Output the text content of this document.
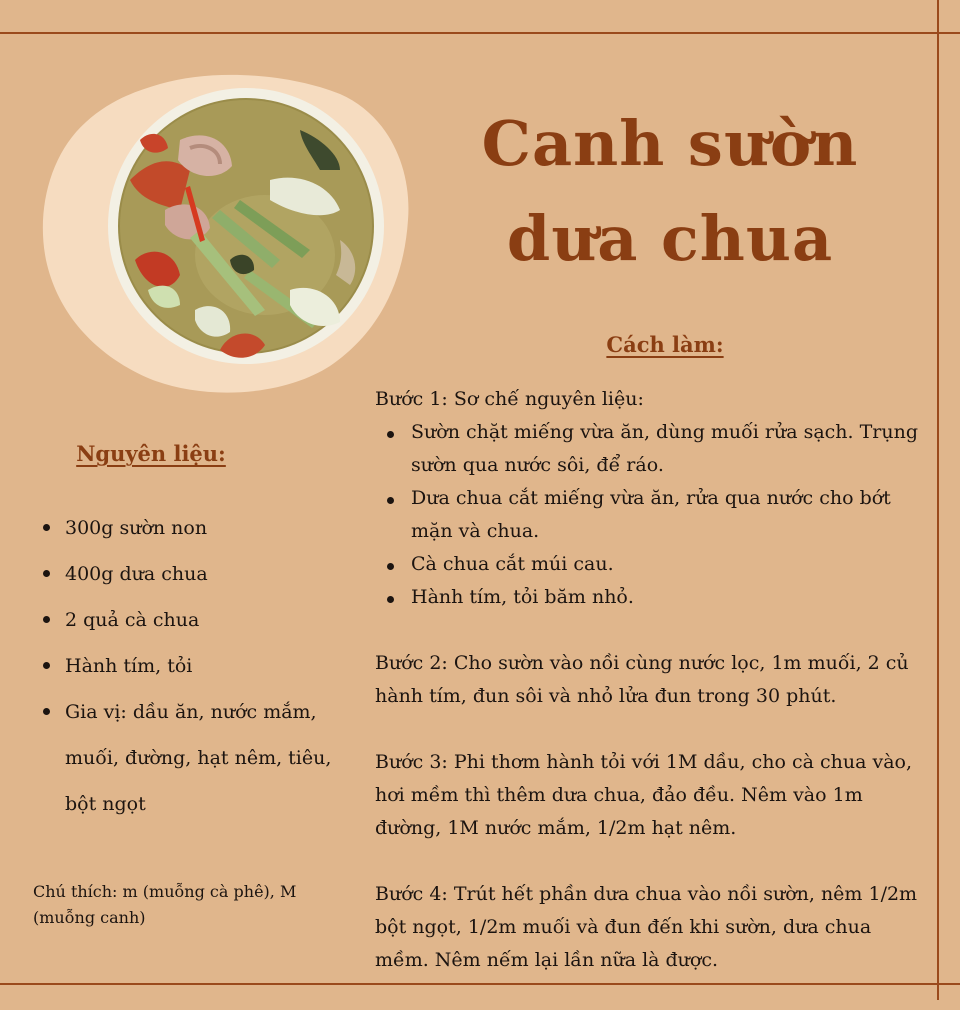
Canh sườn
dưa chua
Cách làm:
Nguyên liệu:
300g sườn non
400g dưa chua
2 quả cà chua
Hành tím, tỏi
Gia vị: dầu ăn, nước mắm, muối, đường, hạt nêm, tiêu, bột ngọt
Chú thích: m (muỗng cà phê), M (muỗng canh)
Bước 1: Sơ chế nguyên liệu:
Sườn chặt miếng vừa ăn, dùng muối rửa sạch. Trụng sườn qua nước sôi, để ráo.
Dưa chua cắt miếng vừa ăn, rửa qua nước cho bớt mặn và chua.
Cà chua cắt múi cau.
Hành tím, tỏi băm nhỏ.
Bước 2: Cho sườn vào nồi cùng nước lọc, 1m muối, 2 củ hành tím, đun sôi và nhỏ lửa đun trong 30 phút.
Bước 3: Phi thơm hành tỏi với 1M dầu, cho cà chua vào, hơi mềm thì thêm dưa chua, đảo đều. Nêm vào 1m đường, 1M nước mắm, 1/2m hạt nêm.
Bước 4: Trút hết phần dưa chua vào nồi sườn, nêm 1/2m bột ngọt, 1/2m muối và đun đến khi sườn, dưa chua mềm. Nêm nếm lại lần nữa là được.
